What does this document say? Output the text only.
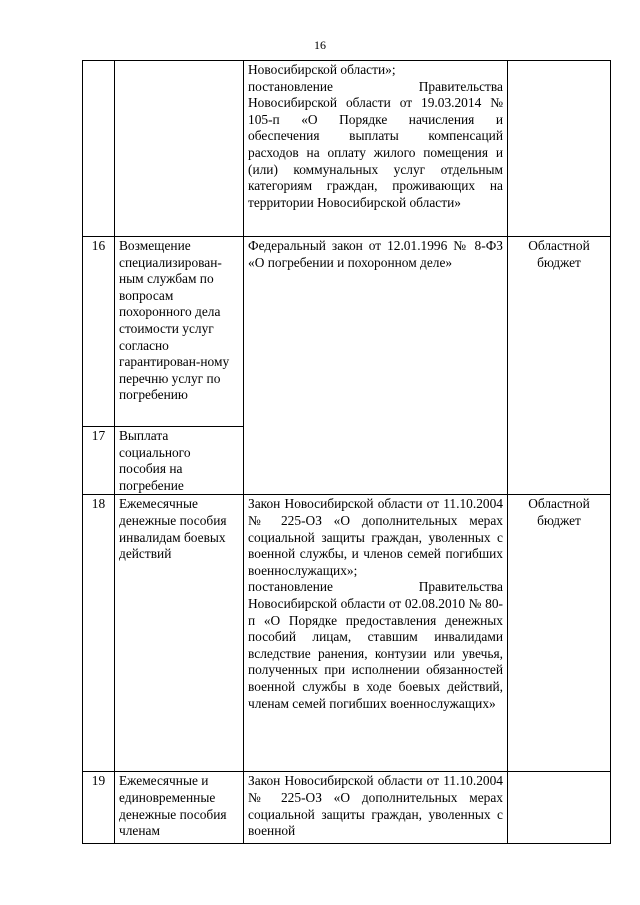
16

		Новосибирской области»;
постановление Правительства Новосибирской области от 19.03.2014 № 105-п «О Порядке начисления и обеспечения выплаты компенсаций расходов на оплату жилого помещения и (или) коммунальных услуг отдельным категориям граждан, проживающих на территории Новосибирской области»	

16	Возмещение специализирован-ным службам по вопросам похоронного дела стоимости услуг согласно гарантирован-ному перечню услуг по погребению	Федеральный закон от 12.01.1996 № 8-ФЗ «О погребении и похоронном деле»	Областной бюджет
17	Выплата социального пособия на погребение		
18	Ежемесячные денежные пособия инвалидам боевых действий	Закон Новосибирской области от 11.10.2004 № 225-ОЗ «О дополнительных мерах социальной защиты граждан, уволенных с военной службы, и членов семей погибших военнослужащих»;
постановление Правительства Новосибирской области от 02.08.2010 № 80-п «О Порядке предоставления денежных пособий лицам, ставшим инвалидами вследствие ранения, контузии или увечья, полученных при исполнении обязанностей военной службы в ходе боевых действий, членам семей погибших военнослужащих»	Областной бюджет
19	Ежемесячные и единовременные денежные пособия членам	Закон Новосибирской области от 11.10.2004 № 225-ОЗ «О дополнительных мерах социальной защиты граждан, уволенных с военной	
